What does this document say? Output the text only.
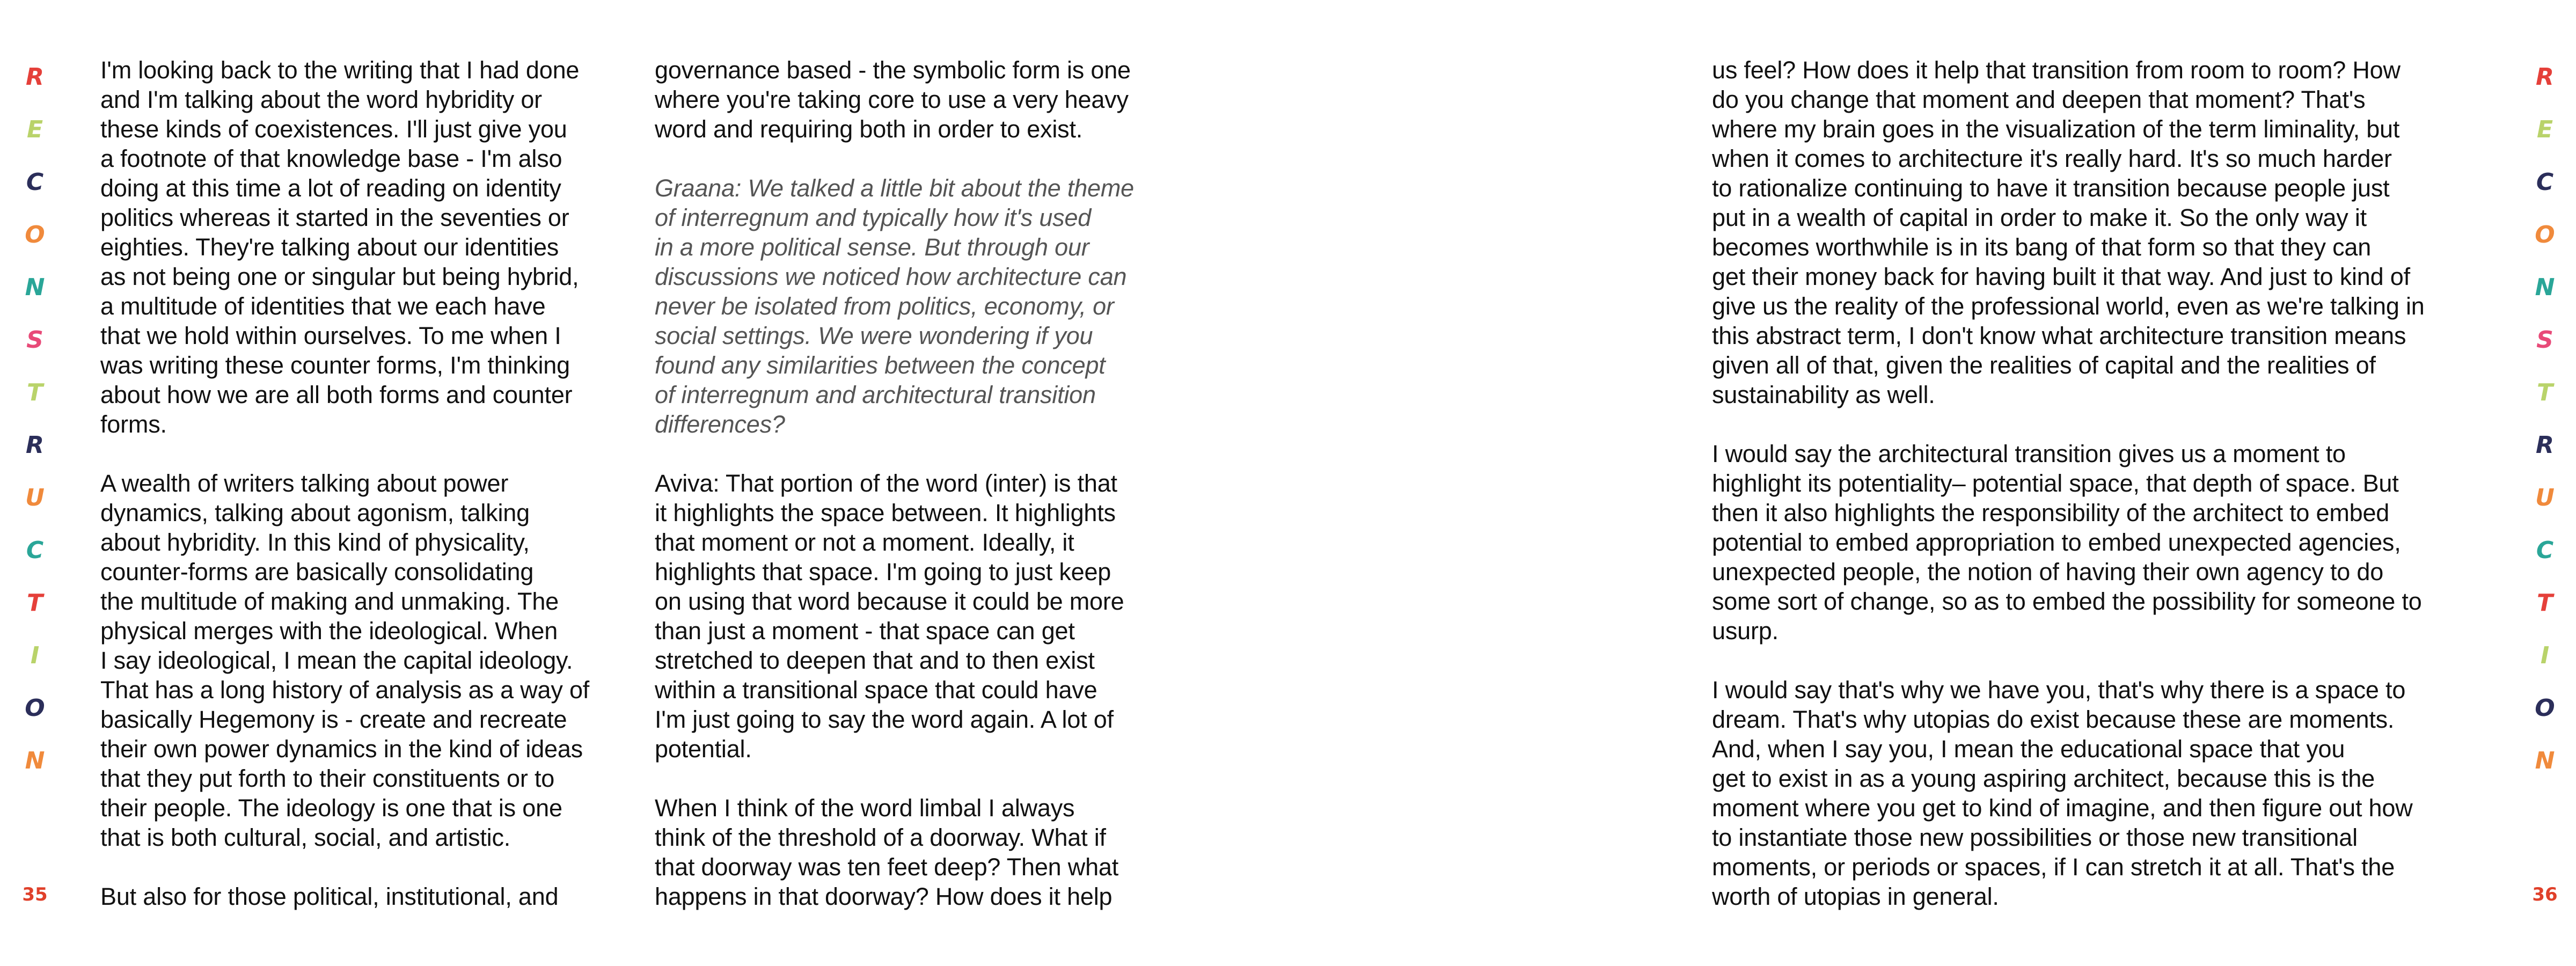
R
E
C
O
N
S
T
R
U
C
T
I
O
N
35

I'm looking back to the writing that I had done
and I'm talking about the word hybridity or
these kinds of coexistences. I'll just give you
a footnote of that knowledge base - I'm also
doing at this time a lot of reading on identity
politics whereas it started in the seventies or
eighties. They're talking about our identities
as not being one or singular but being hybrid,
a multitude of identities that we each have
that we hold within ourselves. To me when I
was writing these counter forms, I'm thinking
about how we are all both forms and counter
forms.

A wealth of writers talking about power
dynamics, talking about agonism, talking
about hybridity. In this kind of physicality,
counter-forms are basically consolidating
the multitude of making and unmaking. The
physical merges with the ideological. When
I say ideological, I mean the capital ideology.
That has a long history of analysis as a way of
basically Hegemony is - create and recreate
their own power dynamics in the kind of ideas
that they put forth to their constituents or to
their people. The ideology is one that is one
that is both cultural, social, and artistic.

But also for those political, institutional, and

governance based - the symbolic form is one
where you're taking core to use a very heavy
word and requiring both in order to exist.

Graana: We talked a little bit about the theme
of interregnum and typically how it's used
in a more political sense. But through our
discussions we noticed how architecture can
never be isolated from politics, economy, or
social settings. We were wondering if you
found any similarities between the concept
of interregnum and architectural transition
differences?

Aviva: That portion of the word (inter) is that
it highlights the space between. It highlights
that moment or not a moment. Ideally, it
highlights that space. I'm going to just keep
on using that word because it could be more
than just a moment - that space can get
stretched to deepen that and to then exist
within a transitional space that could have
I'm just going to say the word again. A lot of
potential.

When I think of the word limbal I always
think of the threshold of a doorway. What if
that doorway was ten feet deep? Then what
happens in that doorway? How does it help

us feel? How does it help that transition from room to room? How
do you change that moment and deepen that moment? That's
where my brain goes in the visualization of the term liminality, but
when it comes to architecture it's really hard. It's so much harder
to rationalize continuing to have it transition because people just
put in a wealth of capital in order to make it. So the only way it
becomes worthwhile is in its bang of that form so that they can
get their money back for having built it that way. And just to kind of
give us the reality of the professional world, even as we're talking in
this abstract term, I don't know what architecture transition means
given all of that, given the realities of capital and the realities of
sustainability as well.

I would say the architectural transition gives us a moment to
highlight its potentiality– potential space, that depth of space. But
then it also highlights the responsibility of the architect to embed
potential to embed appropriation to embed unexpected agencies,
unexpected people, the notion of having their own agency to do
some sort of change, so as to embed the possibility for someone to
usurp.

I would say that's why we have you, that's why there is a space to
dream. That's why utopias do exist because these are moments.
And, when I say you, I mean the educational space that you
get to exist in as a young aspiring architect, because this is the
moment where you get to kind of imagine, and then figure out how
to instantiate those new possibilities or those new transitional
moments, or periods or spaces, if I can stretch it at all. That's the
worth of utopias in general.

R
E
C
O
N
S
T
R
U
C
T
I
O
N
36
